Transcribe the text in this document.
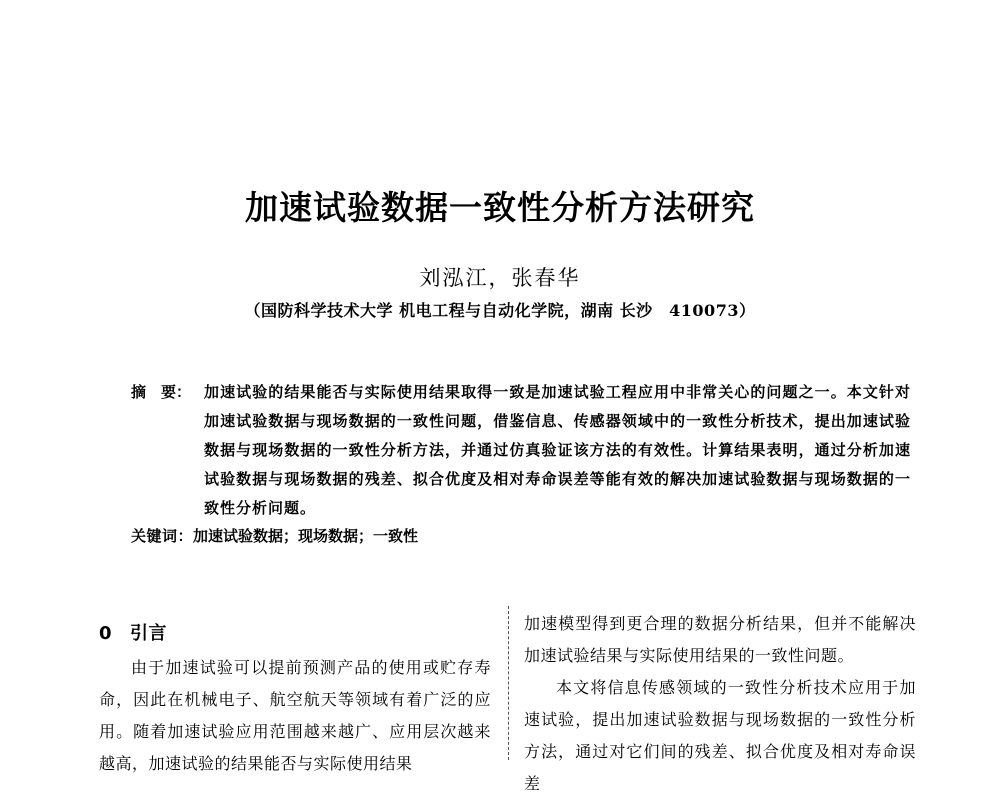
加速试验数据一致性分析方法研究
刘泓江，张春华
（国防科学技术大学 机电工程与自动化学院，湖南 长沙　410073）
摘　要： 加速试验的结果能否与实际使用结果取得一致是加速试验工程应用中非常关心的问题之一。本文针对加速试验数据与现场数据的一致性问题，借鉴信息、传感器领域中的一致性分析技术，提出加速试验数据与现场数据的一致性分析方法，并通过仿真验证该方法的有效性。计算结果表明，通过分析加速试验数据与现场数据的残差、拟合优度及相对寿命误差等能有效的解决加速试验数据与现场数据的一致性分析问题。
关键词：加速试验数据；现场数据；一致性
0 引言

由于加速试验可以提前预测产品的使用或贮存寿命，因此在机械电子、航空航天等领域有着广泛的应用。随着加速试验应用范围越来越广、应用层次越来越高，加速试验的结果能否与实际使用结果

加速模型得到更合理的数据分析结果，但并不能解决加速试验结果与实际使用结果的一致性问题。

本文将信息传感领域的一致性分析技术应用于加速试验，提出加速试验数据与现场数据的一致性分析方法，通过对它们间的残差、拟合优度及相对寿命误差
